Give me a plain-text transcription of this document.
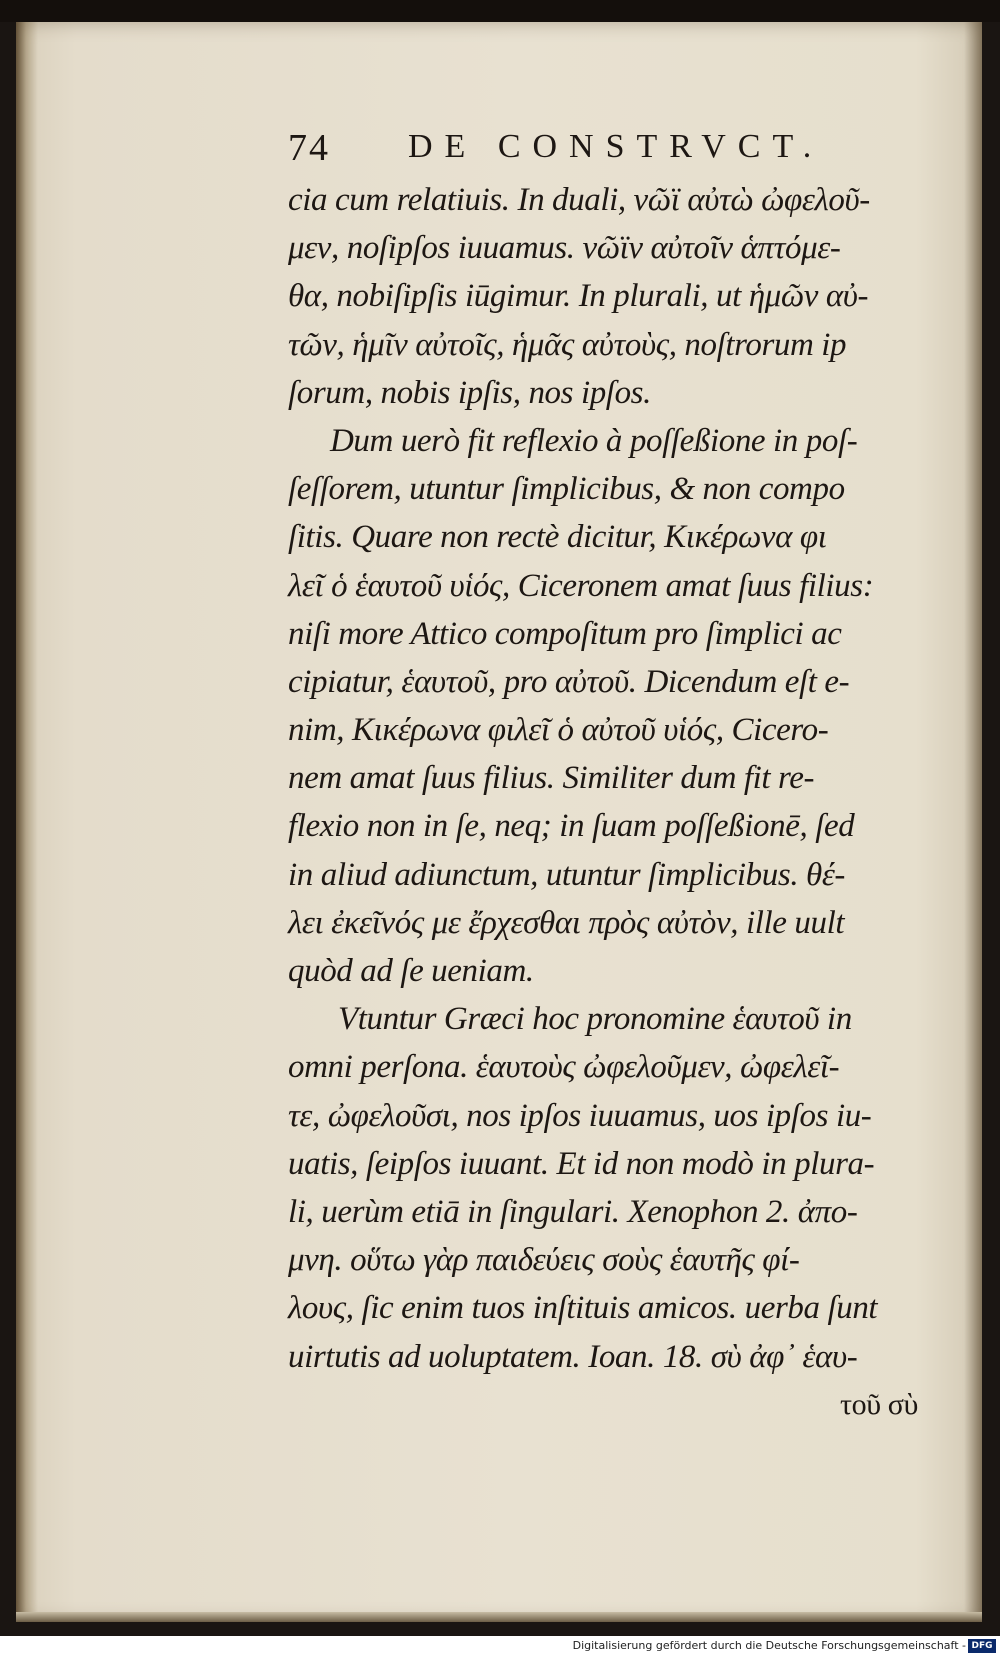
74 DE CONSTRVCT.
cia cum relatiuis. In duali, νῶϊ αὐτὼ ὠφελοῦ-
μεν, noſipſos iuuamus. νῶϊν αὐτοῖν ἁπτόμε-
θα, nobiſipſis iūgimur. In plurali, ut ἡμῶν αὐ-
τῶν, ἡμῖν αὐτοῖς, ἡμᾶς αὐτοὺς, noſtrorum ip
ſorum, nobis ipſis, nos ipſos.
Dum uerò fit reflexio à poſſeßione in poſ-
ſeſſorem, utuntur ſimplicibus, & non compo
ſitis. Quare non rectè dicitur, Κικέρωνα φι
λεῖ ὁ ἑαυτοῦ υἱός, Ciceronem amat ſuus filius:
niſi more Attico compoſitum pro ſimplici ac
cipiatur, ἑαυτοῦ, pro αὐτοῦ. Dicendum eſt e-
nim, Κικέρωνα φιλεῖ ὁ αὐτοῦ υἱός, Cicero-
nem amat ſuus filius. Similiter dum fit re-
flexio non in ſe, neq; in ſuam poſſeßionē, ſed
in aliud adiunctum, utuntur ſimplicibus. θέ-
λει ἐκεῖνός με ἔρχεσθαι πρὸς αὐτὸν, ille uult
quòd ad ſe ueniam.
Vtuntur Græci hoc pronomine ἑαυτοῦ in
omni perſona. ἑαυτοὺς ὠφελοῦμεν, ὠφελεῖ-
τε, ὠφελοῦσι, nos ipſos iuuamus, uos ipſos iu-
uatis, ſeipſos iuuant. Et id non modò in plura-
li, uerùm etiā in ſingulari. Xenophon 2. ἀπο-
μνη. οὕτω γὰρ παιδεύεις σοὺς ἑαυτῆς φί-
λους, ſic enim tuos inſtituis amicos. uerba ſunt
uirtutis ad uoluptatem. Ioan. 18. σὺ ἀφ᾽ ἑαυ-
τοῦ σὺ
Digitalisierung gefördert durch die Deutsche Forschungsgemeinschaft - DFG
